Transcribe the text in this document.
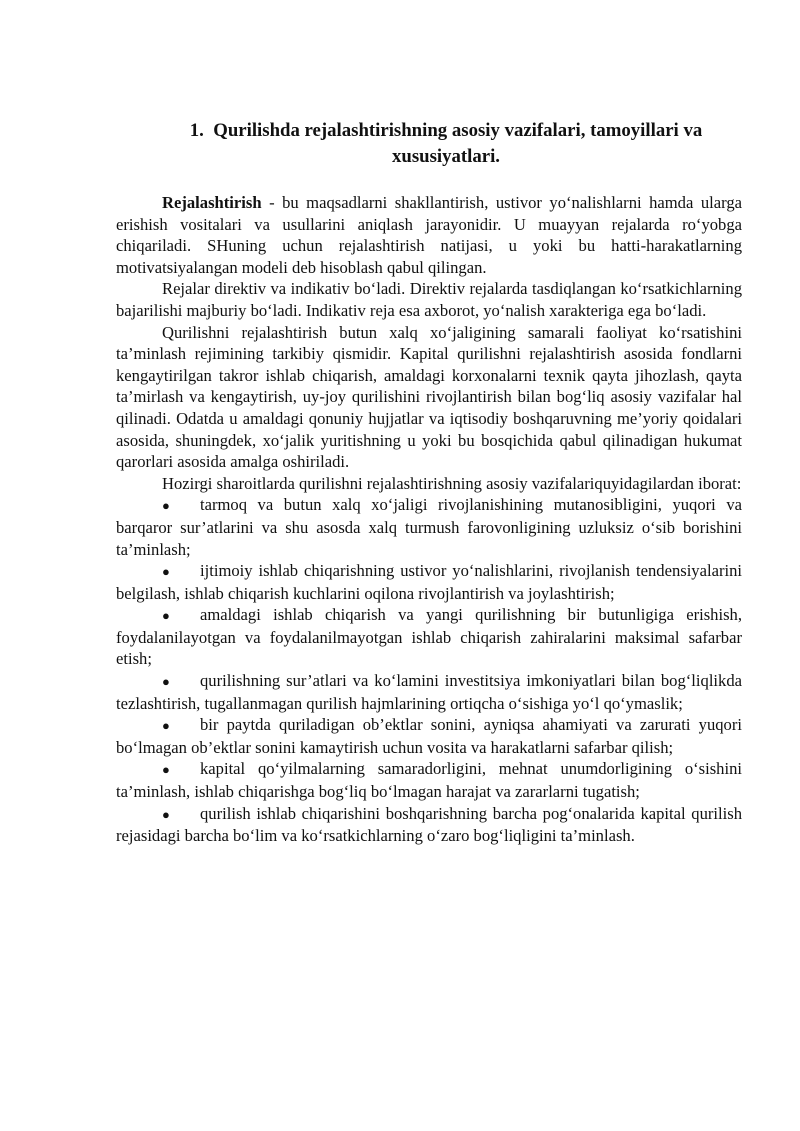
1. Qurilishda rejalashtirishning asosiy vazifalari, tamoyillari va xususiyatlari.

Rejalashtirish - bu maqsadlarni shakllantirish, ustivor yo‘nalishlarni hamda ularga erishish vositalari va usullarini aniqlash jarayonidir. U muayyan rejalarda ro‘yobga chiqariladi. SHuning uchun rejalashtirish natijasi, u yoki bu hatti-harakatlarning motivatsiyalangan modeli deb hisoblash qabul qilingan.

Rejalar direktiv va indikativ bo‘ladi. Direktiv rejalarda tasdiqlangan ko‘rsatkichlarning bajarilishi majburiy bo‘ladi. Indikativ reja esa axborot, yo‘nalish xarakteriga ega bo‘ladi.

Qurilishni rejalashtirish butun xalq xo‘jaligining samarali faoliyat ko‘rsatishini ta’minlash rejimining tarkibiy qismidir. Kapital qurilishni rejalashtirish asosida fondlarni kengaytirilgan takror ishlab chiqarish, amaldagi korxonalarni texnik qayta jihozlash, qayta ta’mirlash va kengaytirish, uy-joy qurilishini rivojlantirish bilan bog‘liq asosiy vazifalar hal qilinadi. Odatda u amaldagi qonuniy hujjatlar va iqtisodiy boshqaruvning me’yoriy qoidalari asosida, shuningdek, xo‘jalik yuritishning u yoki bu bosqichida qabul qilinadigan hukumat qarorlari asosida amalga oshiriladi.

Hozirgi sharoitlarda qurilishni rejalashtirishning asosiy vazifalariquyidagilardan iborat:

● tarmoq va butun xalq xo‘jaligi rivojlanishining mutanosibligini, yuqori va barqaror sur’atlarini va shu asosda xalq turmush farovonligining uzluksiz o‘sib borishini ta’minlash;
● ijtimoiy ishlab chiqarishning ustivor yo‘nalishlarini, rivojlanish tendensiyalarini belgilash, ishlab chiqarish kuchlarini oqilona rivojlantirish va joylashtirish;
● amaldagi ishlab chiqarish va yangi qurilishning bir butunligiga erishish, foydalanilayotgan va foydalanilmayotgan ishlab chiqarish zahiralarini maksimal safarbar etish;
● qurilishning sur’atlari va ko‘lamini investitsiya imkoniyatlari bilan bog‘liqlikda tezlashtirish, tugallanmagan qurilish hajmlarining ortiqcha o‘sishiga yo‘l qo‘ymaslik;
● bir paytda quriladigan ob’ektlar sonini, ayniqsa ahamiyati va zarurati yuqori bo‘lmagan ob’ektlar sonini kamaytirish uchun vosita va harakatlarni safarbar qilish;
● kapital qo‘yilmalarning samaradorligini, mehnat unumdorligining o‘sishini ta’minlash, ishlab chiqarishga bog‘liq bo‘lmagan harajat va zararlarni tugatish;
● qurilish ishlab chiqarishini boshqarishning barcha pog‘onalarida kapital qurilish rejasidagi barcha bo‘lim va ko‘rsatkichlarning o‘zaro bog‘liqligini ta’minlash.
